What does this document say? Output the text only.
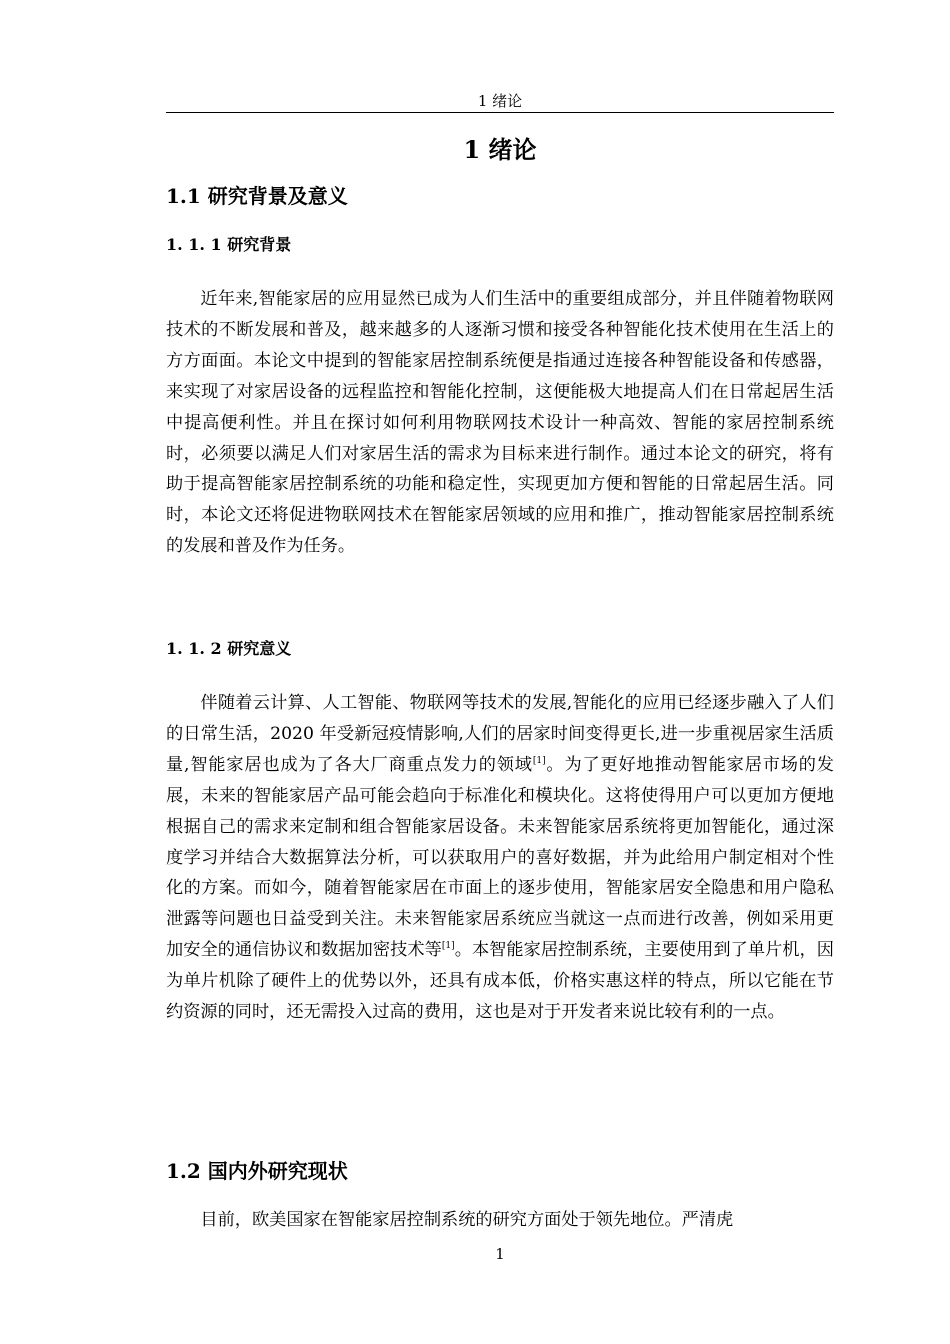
1 绪论
1 绪论
1.1 研究背景及意义
1. 1. 1 研究背景

近年来,智能家居的应用显然已成为人们生活中的重要组成部分，并且伴随着物联网技术的不断发展和普及，越来越多的人逐渐习惯和接受各种智能化技术使用在生活上的方方面面。本论文中提到的智能家居控制系统便是指通过连接各种智能设备和传感器，来实现了对家居设备的远程监控和智能化控制，这便能极大地提高人们在日常起居生活中提高便利性。并且在探讨如何利用物联网技术设计一种高效、智能的家居控制系统时，必须要以满足人们对家居生活的需求为目标来进行制作。通过本论文的研究，将有助于提高智能家居控制系统的功能和稳定性，实现更加方便和智能的日常起居生活。同时，本论文还将促进物联网技术在智能家居领域的应用和推广，推动智能家居控制系统的发展和普及作为任务。

1. 1. 2 研究意义

伴随着云计算、人工智能、物联网等技术的发展,智能化的应用已经逐步融入了人们的日常生活，2020 年受新冠疫情影响,人们的居家时间变得更长,进一步重视居家生活质量,智能家居也成为了各大厂商重点发力的领域[1]。为了更好地推动智能家居市场的发展，未来的智能家居产品可能会趋向于标准化和模块化。这将使得用户可以更加方便地根据自己的需求来定制和组合智能家居设备。未来智能家居系统将更加智能化，通过深度学习并结合大数据算法分析，可以获取用户的喜好数据，并为此给用户制定相对个性化的方案。而如今，随着智能家居在市面上的逐步使用，智能家居安全隐患和用户隐私泄露等问题也日益受到关注。未来智能家居系统应当就这一点而进行改善，例如采用更加安全的通信协议和数据加密技术等[1]。本智能家居控制系统，主要使用到了单片机，因为单片机除了硬件上的优势以外，还具有成本低，价格实惠这样的特点，所以它能在节约资源的同时，还无需投入过高的费用，这也是对于开发者来说比较有利的一点。

1.2 国内外研究现状

目前，欧美国家在智能家居控制系统的研究方面处于领先地位。严清虎

1
